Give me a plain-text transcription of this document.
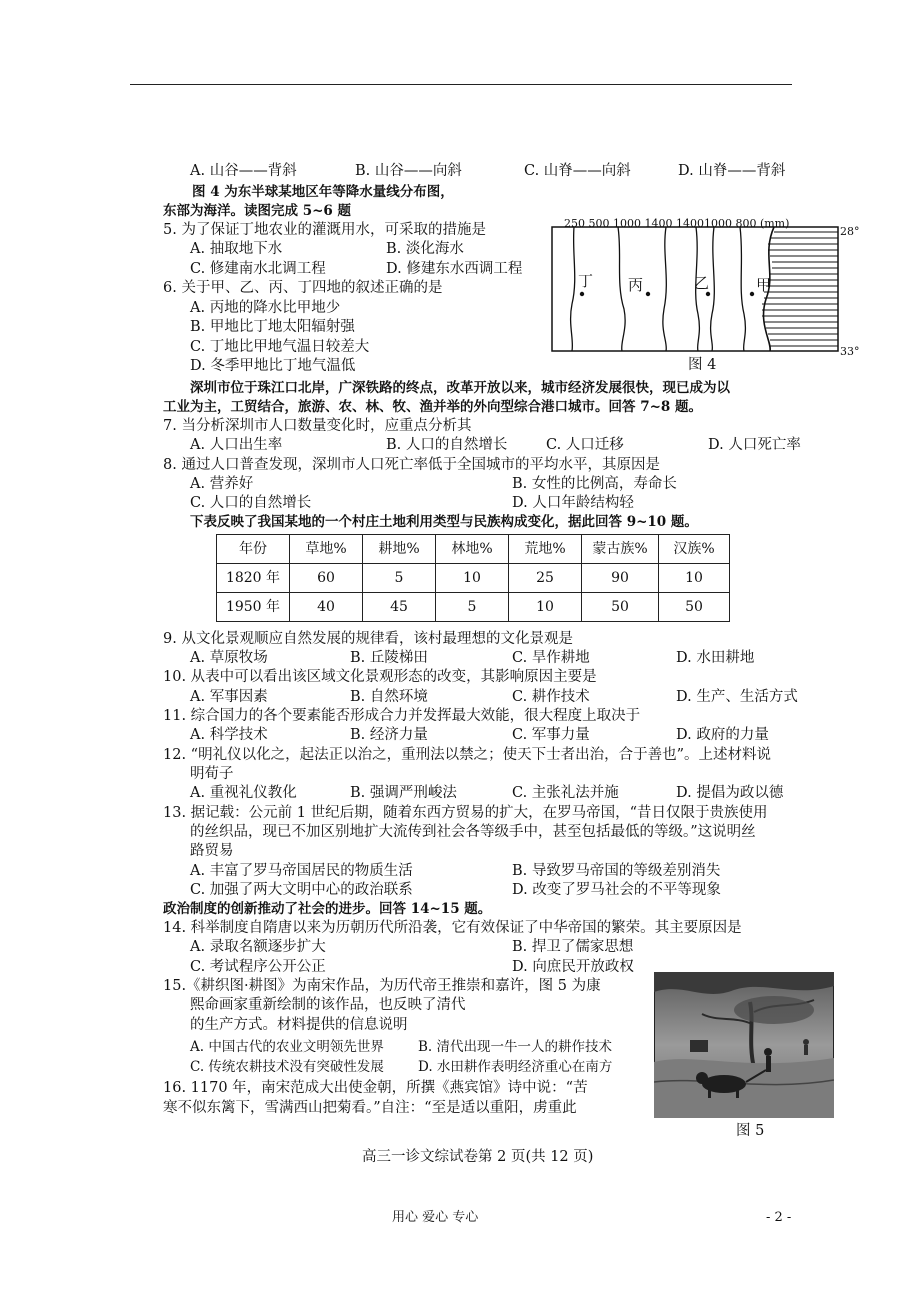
A. 山谷——背斜	B. 山谷——向斜	C. 山脊——向斜	D. 山脊——背斜
图 4 为东半球某地区年等降水量线分布图，
东部为海洋。读图完成 5~6 题
5. 为了保证丁地农业的灌溉用水，可采取的措施是
A. 抽取地下水	B. 淡化海水
C. 修建南水北调工程	D. 修建东水西调工程
6. 关于甲、乙、丙、丁四地的叙述正确的是
A. 丙地的降水比甲地少
B. 甲地比丁地太阳辐射强
C. 丁地比甲地气温日较差大
D. 冬季甲地比丁地气温低
250 500 1000 1400 14001000 800 (mm)
28°
33°
丁 丙	乙	甲
图 4
深圳市位于珠江口北岸，广深铁路的终点，改革开放以来，城市经济发展很快，现已成为以
工业为主，工贸结合，旅游、农、林、牧、渔并举的外向型综合港口城市。回答 7~8 题。
7. 当分析深圳市人口数量变化时，应重点分析其
A. 人口出生率	B. 人口的自然增长	C. 人口迁移	D. 人口死亡率
8. 通过人口普查发现，深圳市人口死亡率低于全国城市的平均水平，其原因是
A. 营养好	B. 女性的比例高，寿命长
C. 人口的自然增长	D. 人口年龄结构轻
下表反映了我国某地的一个村庄土地利用类型与民族构成变化，据此回答 9~10 题。
年份	草地%	耕地%	林地%	荒地%	蒙古族%	汉族%
1820 年	60	5	10	25	90	10
1950 年	40	45	5	10	50	50
9. 从文化景观顺应自然发展的规律看，该村最理想的文化景观是
A. 草原牧场	B. 丘陵梯田	C. 旱作耕地	D. 水田耕地
10. 从表中可以看出该区域文化景观形态的改变，其影响原因主要是
A. 军事因素	B. 自然环境	C. 耕作技术	D. 生产、生活方式
11. 综合国力的各个要素能否形成合力并发挥最大效能，很大程度上取决于
A. 科学技术	B. 经济力量	C. 军事力量	D. 政府的力量
12. “明礼仪以化之，起法正以治之，重刑法以禁之；使天下士者出治，合于善也”。上述材料说
明荀子
A. 重视礼仪教化	B. 强调严刑峻法	C. 主张礼法并施	D. 提倡为政以德
13. 据记载：公元前 1 世纪后期，随着东西方贸易的扩大，在罗马帝国，“昔日仅限于贵族使用
的丝织品，现已不加区别地扩大流传到社会各等级手中，甚至包括最低的等级。”这说明丝
路贸易
A. 丰富了罗马帝国居民的物质生活	B. 导致罗马帝国的等级差别消失
C. 加强了两大文明中心的政治联系	D. 改变了罗马社会的不平等现象
政治制度的创新推动了社会的进步。回答 14~15 题。
14. 科举制度自隋唐以来为历朝历代所沿袭，它有效保证了中华帝国的繁荣。其主要原因是
A. 录取名额逐步扩大	B. 捍卫了儒家思想
C. 考试程序公开公正	D. 向庶民开放政权
15.《耕织图·耕图》为南宋作品，为历代帝王推崇和嘉许，图 5 为康
熙命画家重新绘制的该作品，也反映了清代
的生产方式。材料提供的信息说明
A. 中国古代的农业文明领先世界	B. 清代出现一牛一人的耕作技术
C. 传统农耕技术没有突破性发展	D. 水田耕作表明经济重心在南方
16. 1170 年，南宋范成大出使金朝，所撰《燕宾馆》诗中说：“苦
寒不似东篱下，雪满西山把菊看。”自注：“至是适以重阳，虏重此
图 5
高三一诊文综试卷第 2 页(共 12 页)
用心 爱心 专心	- 2 -
